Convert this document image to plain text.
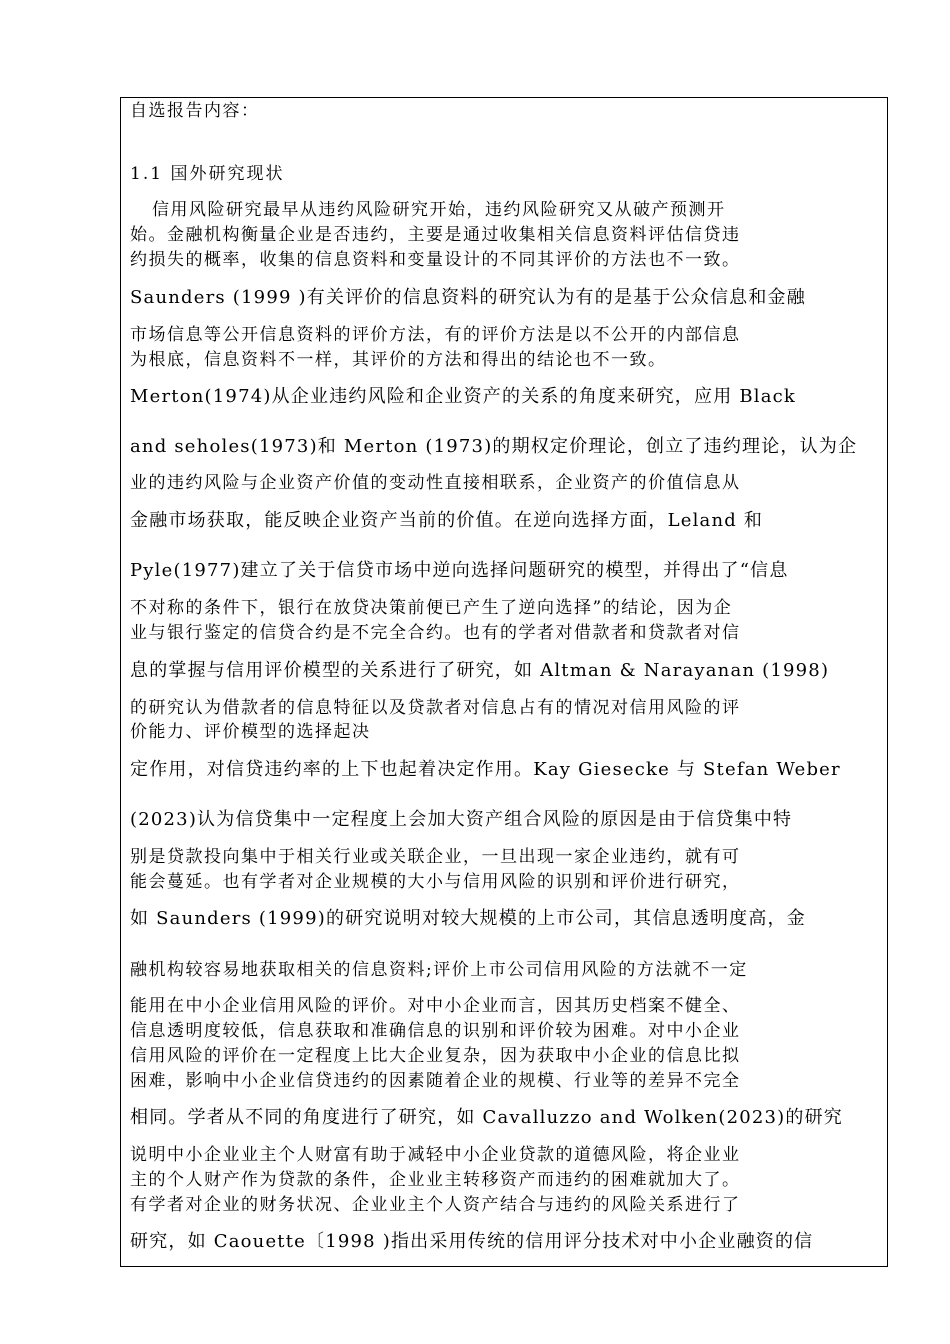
自选报告内容：
1.1 国外研究现状
信用风险研究最早从违约风险研究开始，违约风险研究又从破产预测开
始。金融机构衡量企业是否违约，主要是通过收集相关信息资料评估信贷违
约损失的概率，收集的信息资料和变量设计的不同其评价的方法也不一致。
Saunders (1999 )有关评价的信息资料的研究认为有的是基于公众信息和金融
市场信息等公开信息资料的评价方法，有的评价方法是以不公开的内部信息
为根底，信息资料不一样，其评价的方法和得出的结论也不一致。
Merton(1974)从企业违约风险和企业资产的关系的角度来研究，应用 Black
and seholes(1973)和 Merton (1973)的期权定价理论，创立了违约理论，认为企
业的违约风险与企业资产价值的变动性直接相联系，企业资产的价值信息从
金融市场获取，能反映企业资产当前的价值。在逆向选择方面，Leland 和
Pyle(1977)建立了关于信贷市场中逆向选择问题研究的模型，并得出了“信息
不对称的条件下，银行在放贷决策前便已产生了逆向选择”的结论，因为企
业与银行鉴定的信贷合约是不完全合约。也有的学者对借款者和贷款者对信
息的掌握与信用评价模型的关系进行了研究，如 Altman & Narayanan (1998)
的研究认为借款者的信息特征以及贷款者对信息占有的情况对信用风险的评
价能力、评价模型的选择起决
定作用，对信贷违约率的上下也起着决定作用。Kay Giesecke 与 Stefan Weber
(2023)认为信贷集中一定程度上会加大资产组合风险的原因是由于信贷集中特
别是贷款投向集中于相关行业或关联企业，一旦出现一家企业违约，就有可
能会蔓延。也有学者对企业规模的大小与信用风险的识别和评价进行研究，
如 Saunders (1999)的研究说明对较大规模的上市公司，其信息透明度高，金
融机构较容易地获取相关的信息资料;评价上市公司信用风险的方法就不一定
能用在中小企业信用风险的评价。对中小企业而言，因其历史档案不健全、
信息透明度较低，信息获取和准确信息的识别和评价较为困难。对中小企业
信用风险的评价在一定程度上比大企业复杂，因为获取中小企业的信息比拟
困难，影响中小企业信贷违约的因素随着企业的规模、行业等的差异不完全
相同。学者从不同的角度进行了研究，如 Cavalluzzo and Wolken(2023)的研究
说明中小企业业主个人财富有助于减轻中小企业贷款的道德风险，将企业业
主的个人财产作为贷款的条件，企业业主转移资产而违约的困难就加大了。
有学者对企业的财务状况、企业业主个人资产结合与违约的风险关系进行了
研究，如 Caouette〔1998 )指出采用传统的信用评分技术对中小企业融资的信
